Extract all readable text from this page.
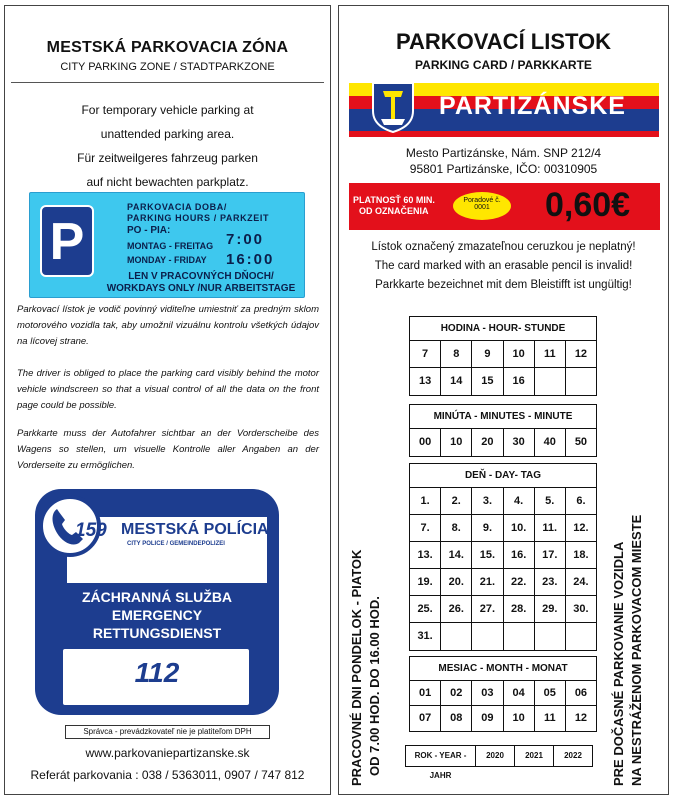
MESTSKÁ PARKOVACIA ZÓNA
CITY PARKING ZONE / STADTPARKZONE
For temporary vehicle parking at
unattended parking area.
Für zeitweilgeres fahrzeug parken
auf nicht bewachten parkplatz.
P
PARKOVACIA DOBA/
PARKING HOURS / PARKZEIT
PO - PIA:
MONTAG - FREITAG
MONDAY - FRIDAY
7:00
16:00
LEN V PRACOVNÝCH DŇOCH/
WORKDAYS ONLY /NUR ARBEITSTAGE
Parkovací lístok je vodič povinný viditeľne umiestniť za predným sklom motorového vozidla tak, aby umožnil vizuálnu kontrolu všetkých údajov na lícovej strane.
The driver is obliged to place the parking card visibly behind the motor vehicle windscreen so that a visual control of all the data on the front page could be possible.
Parkkarte muss der Autofahrer sichtbar an der Vorderscheibe des Wagens so stellen, um visuelle Kontrolle aller Angaben an der Vorderseite zu ermöglichen.
159 MESTSKÁ POLÍCIA
CITY POLICE / GEMEINDEPOLIZEI
NÁMESTIE SNP 212/4, 958 01 PARTIZÁNSKE
+421 38 749 39 93
ZÁCHRANNÁ SLUŽBA
EMERGENCY
RETTUNGSDIENST
112
Správca - prevádzkovateľ nie je platiteľom DPH
www.parkovaniepartizanske.sk
Referát parkovania : 038 / 5363011, 0907 / 747 812
PARKOVACÍ LISTOK
PARKING CARD / PARKKARTE
PARTIZÁNSKE
Mesto Partizánske, Nám. SNP 212/4
95801 Partizánske, IČO: 00310905
PLATNOSŤ 60 MIN.
OD OZNAČENIA
Poradové č.
0001	0,60€
Lístok označený zmazateľnou ceruzkou je neplatný!
The card marked with an erasable pencil is invalid!
Parkkarte bezeichnet mit dem Bleistifft ist ungültig!
HODINA - HOUR- STUNDE
7	8	9	10	11	12
13	14	15	16
MINÚTA - MINUTES - MINUTE
00	10	20	30	40	50
DEŇ - DAY- TAG
1.	2.	3.	4.	5.	6.
7.	8.	9.	10.	11.	12.
13.	14.	15.	16.	17.	18.
19.	20.	21.	22.	23.	24.
25.	26.	27.	28.	29.	30.
31.
MESIAC - MONTH - MONAT
01	02	03	04	05	06
07	08	09	10	11	12
PRACOVNÉ DNI PONDELOK - PIATOK OD 7.00 HOD. DO 16.00 HOD.	PRE DOČASNÉ PARKOVANIE VOZIDLA NA NESTRÁŽENOM PARKOVACOM MIESTE
ROK - YEAR - JAHR
2020	2021	2022
